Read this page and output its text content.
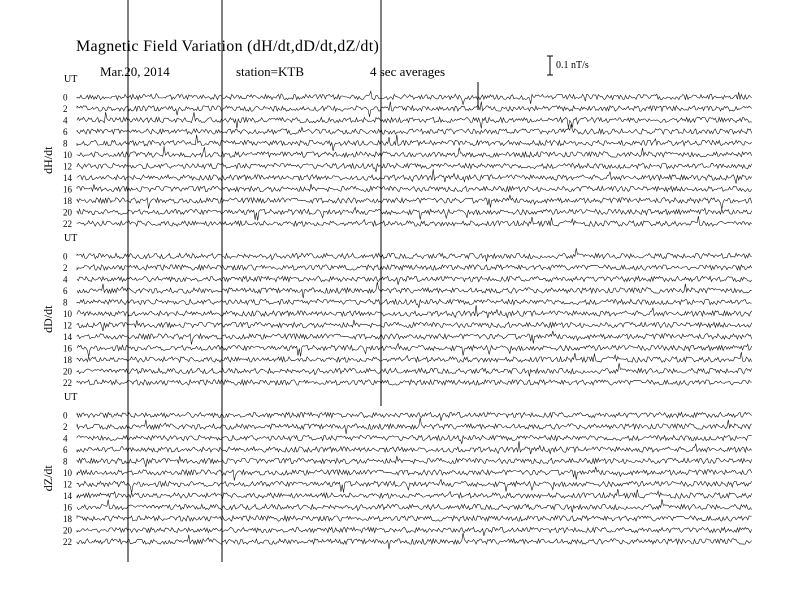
Magnetic Field Variation (dH/dt,dD/dt,dZ/dt)
Mar.20, 2014	station=KTB	4 sec averages	0.1 nT/s
UT
dH/dt
0
2
4
6
8
10
12
14
16
18
20
22
UT
dD/dt
0
2
4
6
8
10
12
14
16
18
20
22
UT
dZ/dt
0
2
4
6
8
10
12
14
16
18
20
22
